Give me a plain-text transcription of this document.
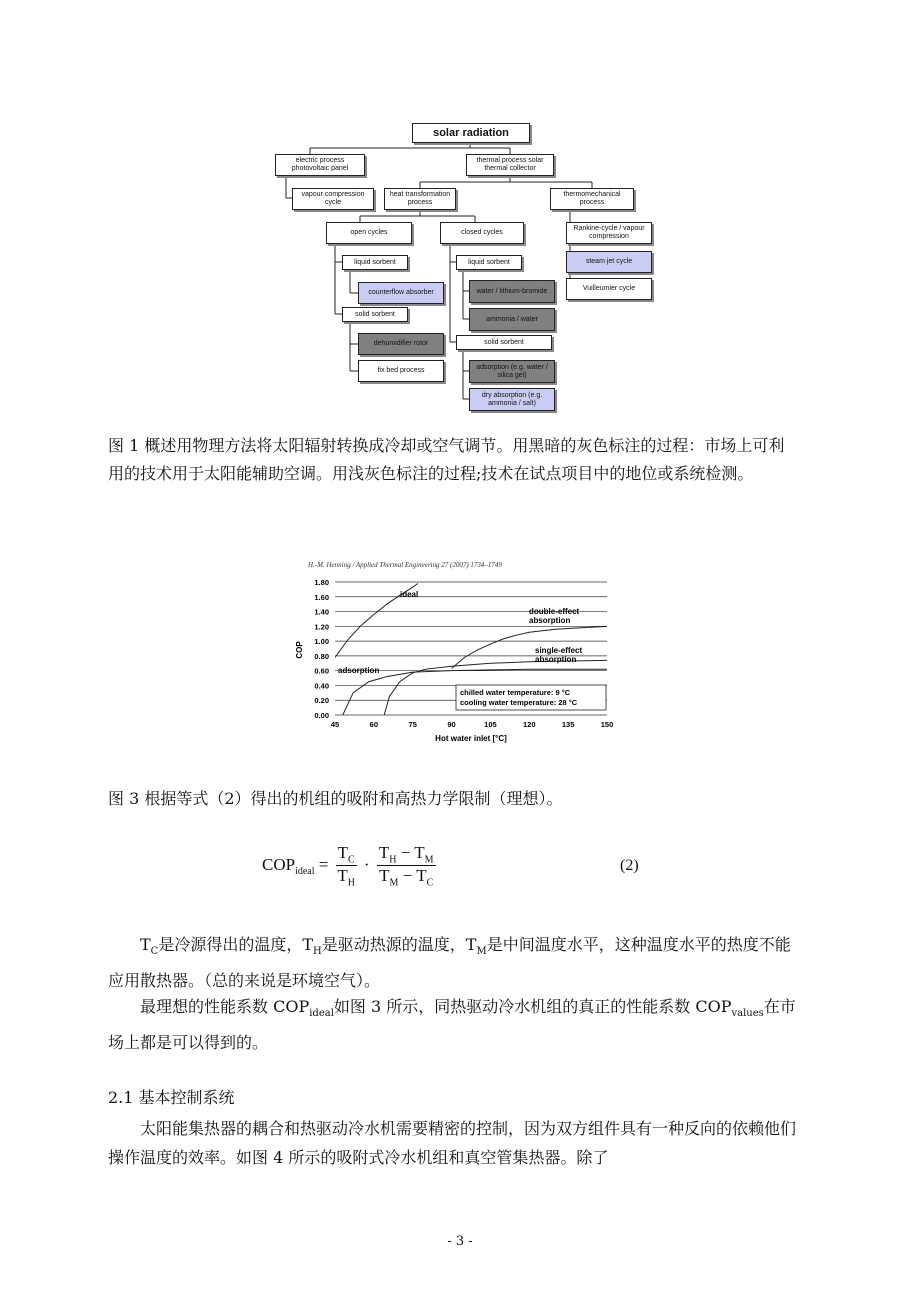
solar radiation
electric process photovoltaic panel
thermal process solar thermal collector
vapour compression cycle
heat transformation process
thermomechanical process
open cycles	closed cycles
Rankine-cycle / vapour compression
steam jet cycle
Vuilleumier cycle
liquid sorbent
counterflow absorber
solid sorbent
dehumidifier rotor
fix bed process
liquid sorbent
water / lithium-bromide
ammonia / water
solid sorbent
adsorption (e.g. water / silica gel)
dry absorption (e.g. ammonia / salt)
图 1 概述用物理方法将太阳辐射转换成冷却或空气调节。用黑暗的灰色标注的过程：市场上可利用的技术用于太阳能辅助空调。用浅灰色标注的过程;技术在试点项目中的地位或系统检测。
H.-M. Henning / Applied Thermal Engineering 27 (2007) 1734–1749
0.00
0.20
0.40
0.60
0.80
1.00
1.20
1.40
1.60
1.80
45	60	75	90	105	120	135	150
COP
Hot water inlet [°C]
ideal
double-effect
absorption
single-effect
absorption
adsorption
chilled water temperature: 9 °C
cooling water temperature: 28 °C
图 3 根据等式（2）得出的机组的吸附和高热力学限制（理想）。
$COP_{ideal} = \frac{T_C}{T_H} \cdot \frac{T_H - T_M}{T_M - T_C}$	(2)
$T_C$是冷源得出的温度，$T_H$是驱动热源的温度，$T_M$是中间温度水平，这种温度水平的热度不能应用散热器。（总的来说是环境空气）。
最理想的性能系数 $COP_{ideal}$如图 3 所示，同热驱动冷水机组的真正的性能系数 $COP_{values}$在市场上都是可以得到的。
2.1 基本控制系统
太阳能集热器的耦合和热驱动冷水机需要精密的控制，因为双方组件具有一种反向的依赖他们操作温度的效率。如图 4 所示的吸附式冷水机组和真空管集热器。除了
- 3 -
